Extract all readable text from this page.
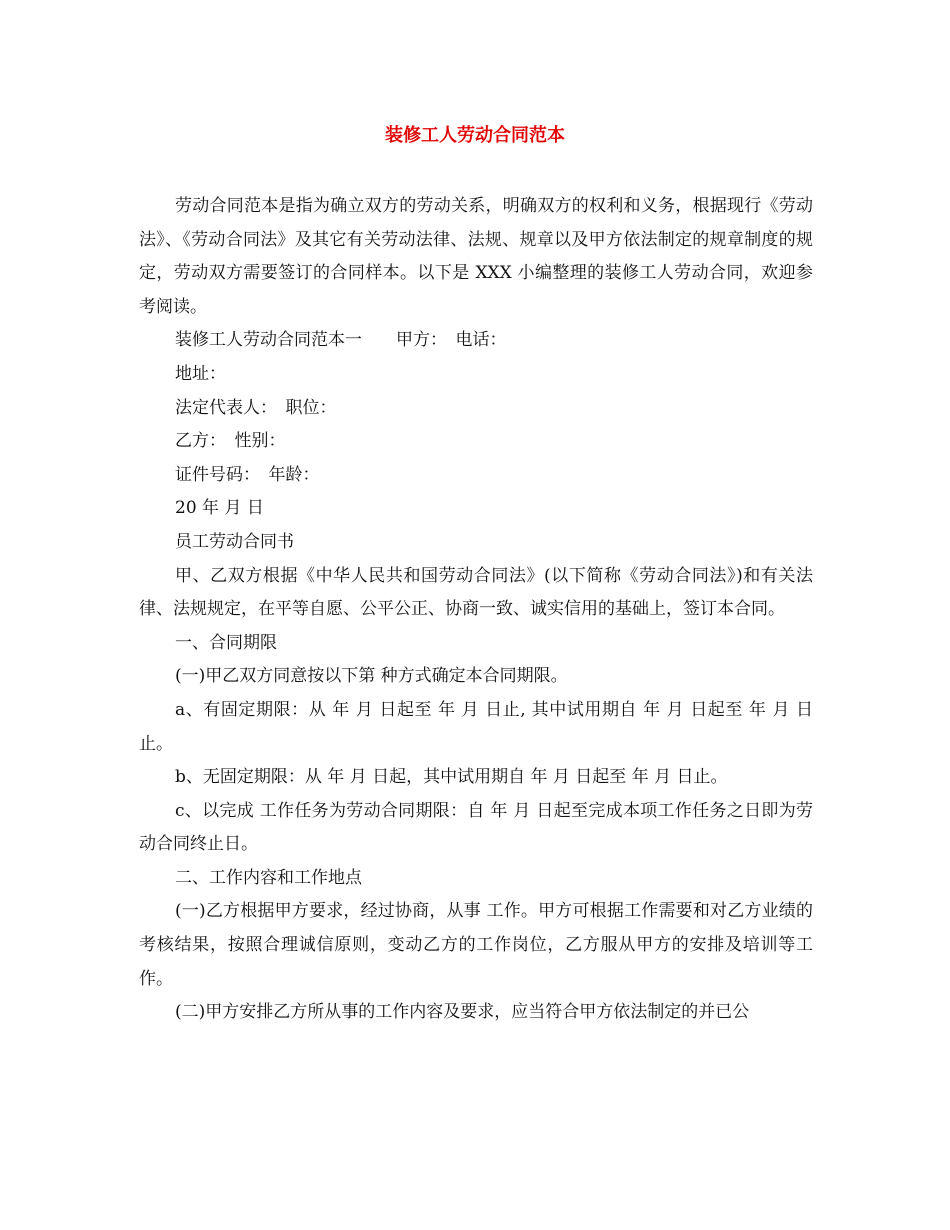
装修工人劳动合同范本

劳动合同范本是指为确立双方的劳动关系，明确双方的权利和义务，根据现行《劳动法》、《劳动合同法》及其它有关劳动法律、法规、规章以及甲方依法制定的规章制度的规定，劳动双方需要签订的合同样本。以下是 XXX 小编整理的装修工人劳动合同，欢迎参考阅读。

装修工人劳动合同范本一　　甲方：　电话：

地址：

法定代表人：　职位：

乙方：　性别：

证件号码：　年龄：

20 年 月 日

员工劳动合同书

甲、乙双方根据《中华人民共和国劳动合同法》(以下简称《劳动合同法》)和有关法律、法规规定，在平等自愿、公平公正、协商一致、诚实信用的基础上，签订本合同。

一、合同期限

(一)甲乙双方同意按以下第 种方式确定本合同期限。

a、有固定期限：从 年 月 日起至 年 月 日止, 其中试用期自 年 月 日起至 年 月 日止。

b、无固定期限：从 年 月 日起，其中试用期自 年 月 日起至 年 月 日止。

c、以完成 工作任务为劳动合同期限：自 年 月 日起至完成本项工作任务之日即为劳动合同终止日。

二、工作内容和工作地点

(一)乙方根据甲方要求，经过协商，从事 工作。甲方可根据工作需要和对乙方业绩的考核结果，按照合理诚信原则，变动乙方的工作岗位，乙方服从甲方的安排及培训等工作。

(二)甲方安排乙方所从事的工作内容及要求，应当符合甲方依法制定的并已公
